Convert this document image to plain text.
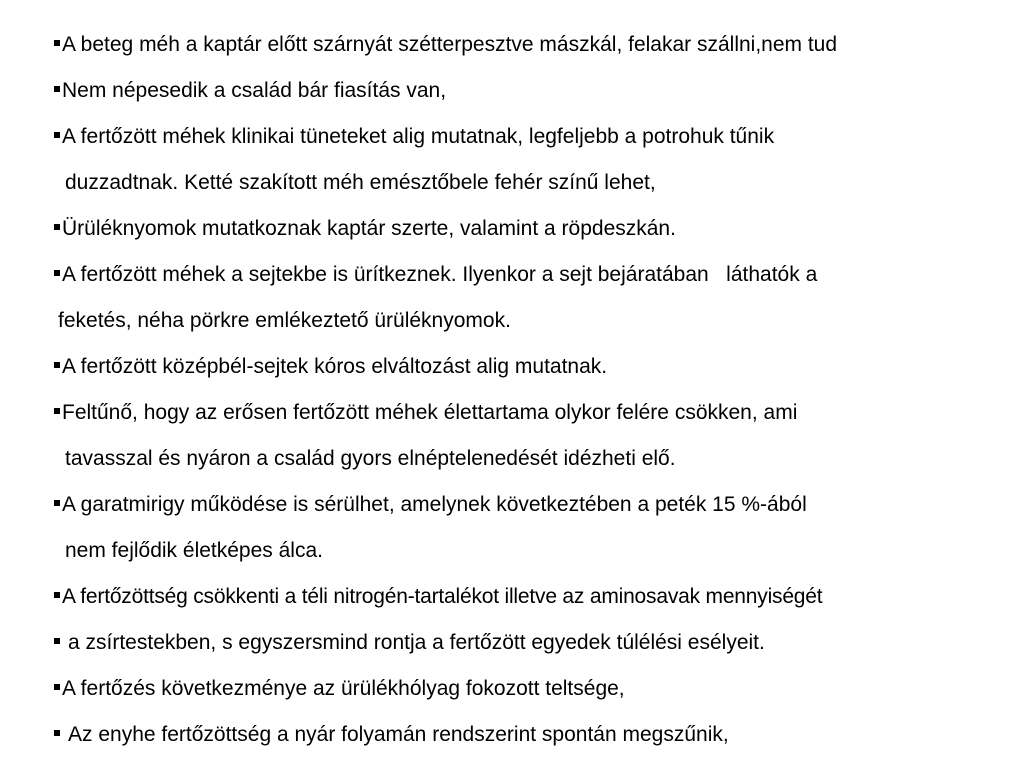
A beteg méh a kaptár előtt szárnyát szétterpesztve mászkál, felakar szállni,nem tud
Nem népesedik a család bár fiasítás van,
A fertőzött méhek klinikai tüneteket alig mutatnak, legfeljebb a potrohuk tűnik
duzzadtnak. Ketté szakított méh emésztőbele fehér színű lehet,
Ürüléknyomok mutatkoznak kaptár szerte, valamint a röpdeszkán.
A fertőzött méhek a sejtekbe is ürítkeznek. Ilyenkor a sejt bejáratában   láthatók a
feketés, néha pörkre emlékeztető ürüléknyomok.
A fertőzött középbél-sejtek kóros elváltozást alig mutatnak.
Feltűnő, hogy az erősen fertőzött méhek élettartama olykor felére csökken, ami
tavasszal és nyáron a család gyors elnéptelenedését idézheti elő.
A garatmirigy működése is sérülhet, amelynek következtében a peték 15 %-ából
nem fejlődik életképes álca.
A fertőzöttség csökkenti a téli nitrogén-tartalékot illetve az aminosavak mennyiségét
a zsírtestekben, s egyszersmind rontja a fertőzött egyedek túlélési esélyeit.
A fertőzés következménye az ürülékhólyag fokozott teltsége,
Az enyhe fertőzöttség a nyár folyamán rendszerint spontán megszűnik,
